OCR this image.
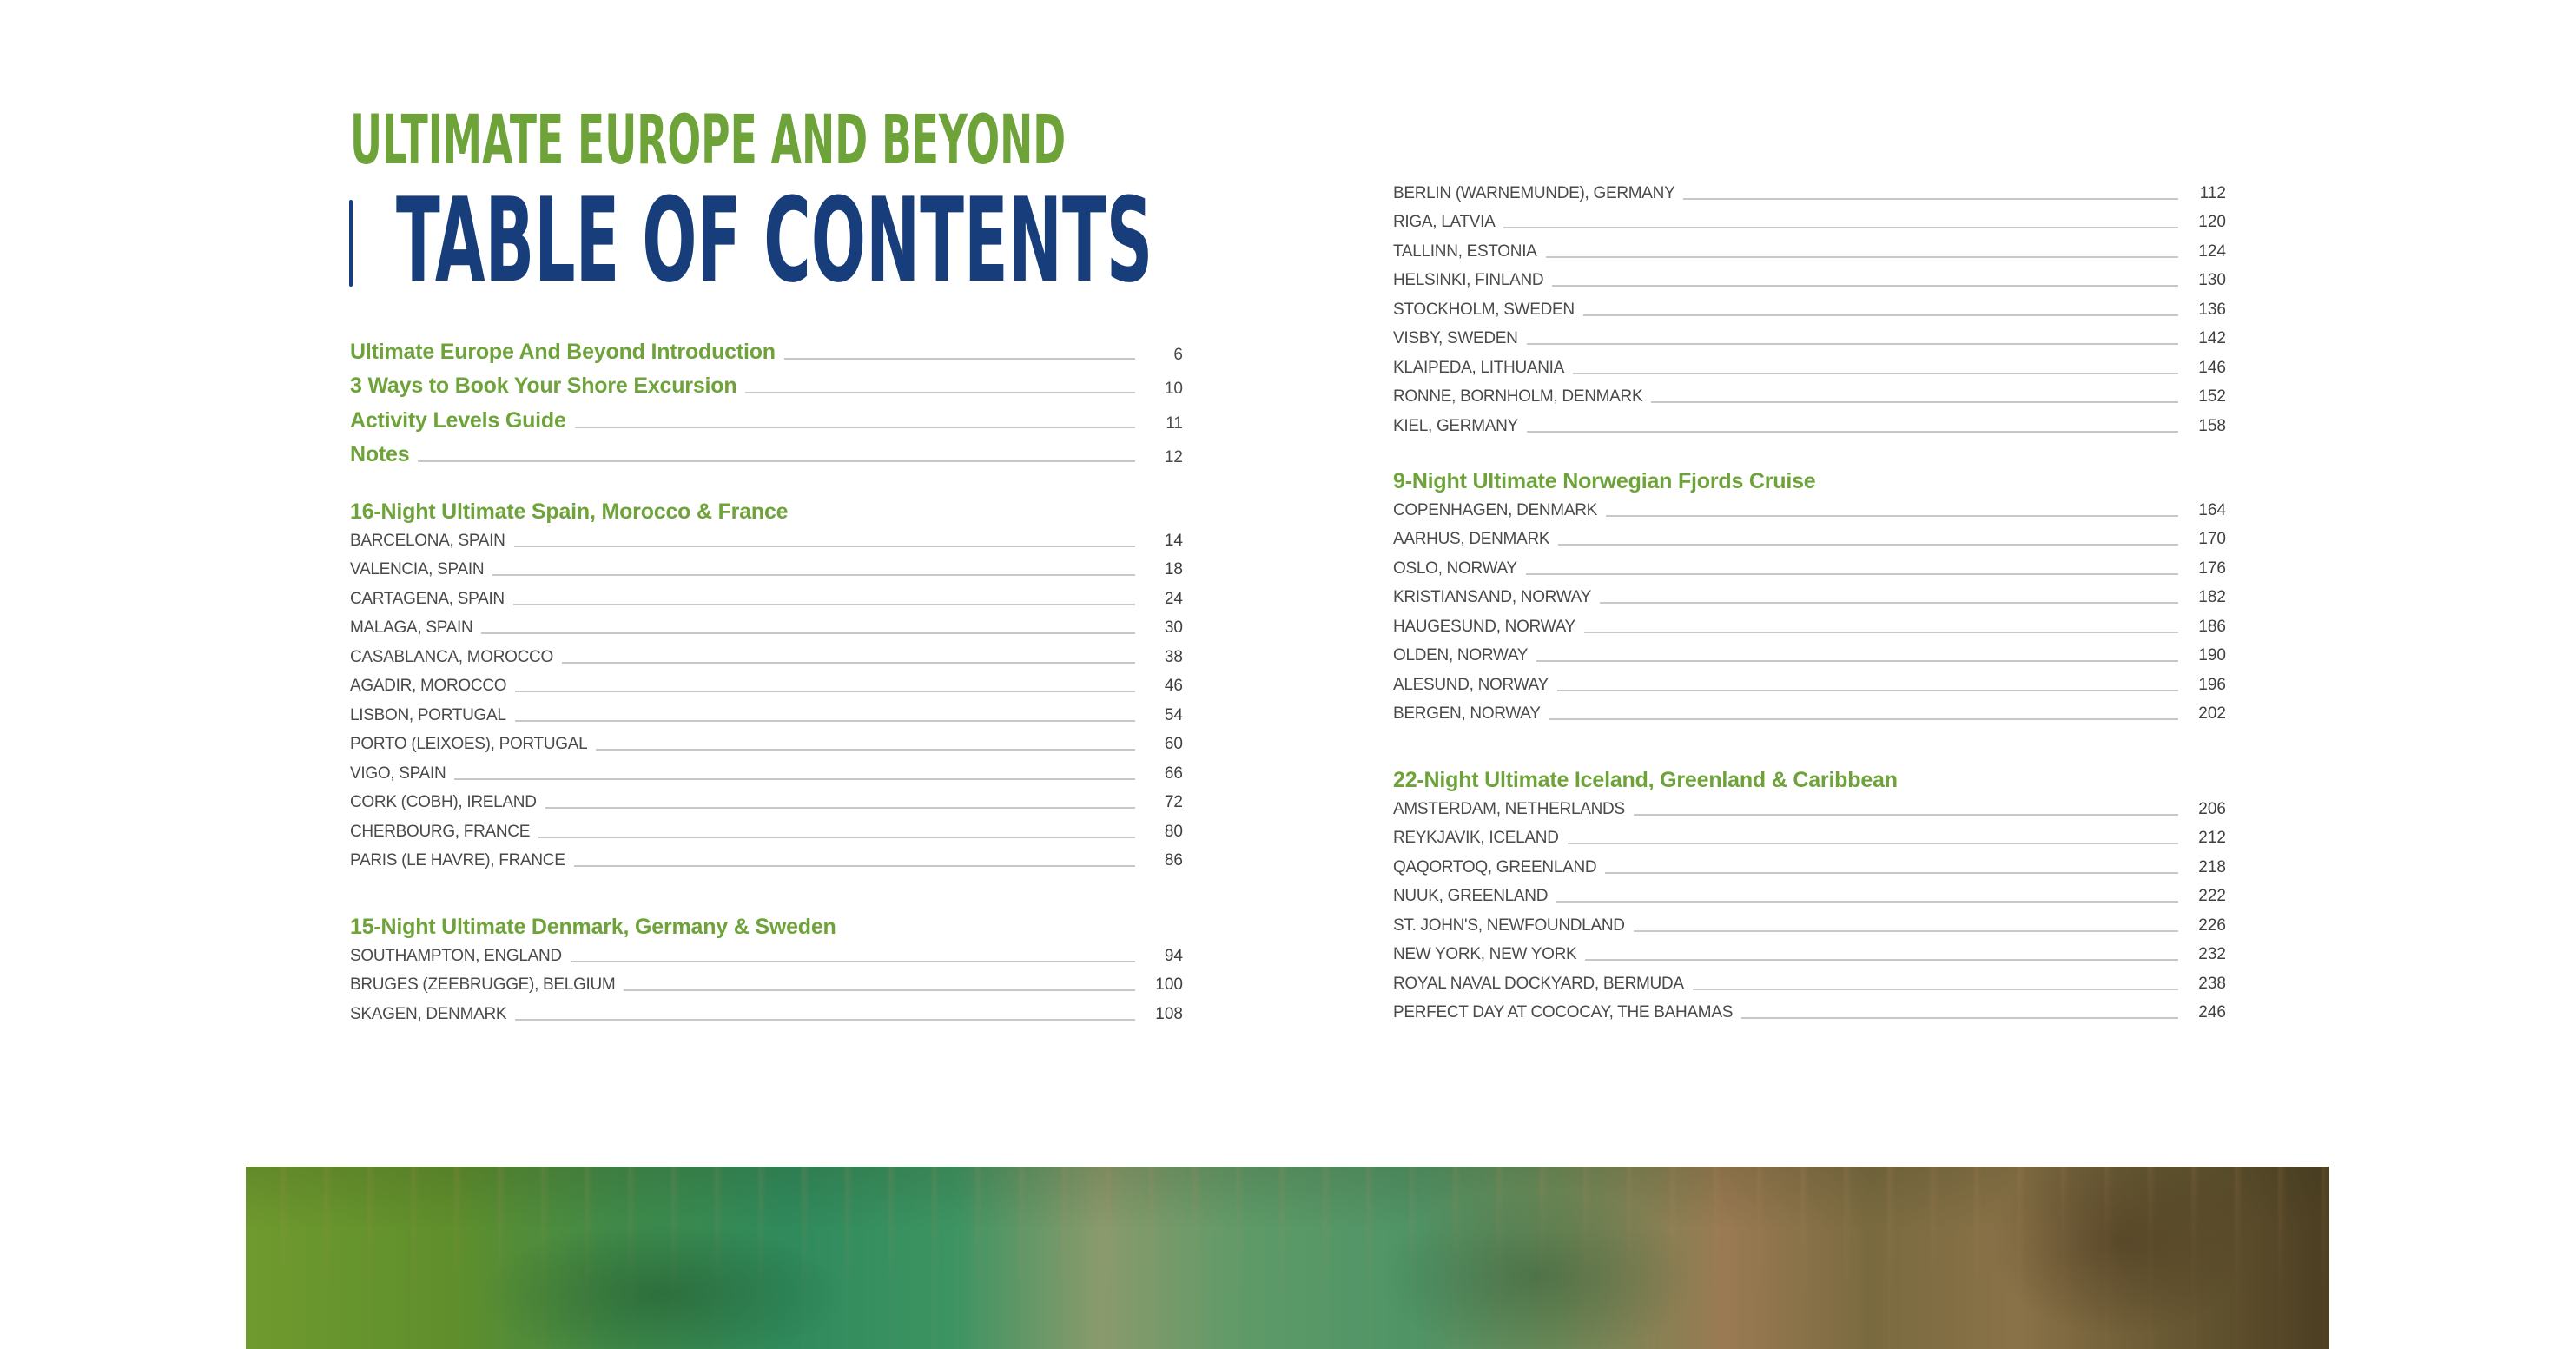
ULTIMATE EUROPE AND BEYOND
TABLE OF CONTENTS
Ultimate Europe And Beyond Introduction	6
3 Ways to Book Your Shore Excursion	10
Activity Levels Guide	11
Notes	12
16-Night Ultimate Spain, Morocco & France
BARCELONA, SPAIN	14
VALENCIA, SPAIN	18
CARTAGENA, SPAIN	24
MALAGA, SPAIN	30
CASABLANCA, MOROCCO	38
AGADIR, MOROCCO	46
LISBON, PORTUGAL	54
PORTO (LEIXOES), PORTUGAL	60
VIGO, SPAIN	66
CORK (COBH), IRELAND	72
CHERBOURG, FRANCE	80
PARIS (LE HAVRE), FRANCE	86
15-Night Ultimate Denmark, Germany & Sweden
SOUTHAMPTON, ENGLAND	94
BRUGES (ZEEBRUGGE), BELGIUM	100
SKAGEN, DENMARK	108
BERLIN (WARNEMUNDE), GERMANY	112
RIGA, LATVIA	120
TALLINN, ESTONIA	124
HELSINKI, FINLAND	130
STOCKHOLM, SWEDEN	136
VISBY, SWEDEN	142
KLAIPEDA, LITHUANIA	146
RONNE, BORNHOLM, DENMARK	152
KIEL, GERMANY	158
9-Night Ultimate Norwegian Fjords Cruise
COPENHAGEN, DENMARK	164
AARHUS, DENMARK	170
OSLO, NORWAY	176
KRISTIANSAND, NORWAY	182
HAUGESUND, NORWAY	186
OLDEN, NORWAY	190
ALESUND, NORWAY	196
BERGEN, NORWAY	202
22-Night Ultimate Iceland, Greenland & Caribbean
AMSTERDAM, NETHERLANDS	206
REYKJAVIK, ICELAND	212
QAQORTOQ, GREENLAND	218
NUUK, GREENLAND	222
ST. JOHN'S, NEWFOUNDLAND	226
NEW YORK, NEW YORK	232
ROYAL NAVAL DOCKYARD, BERMUDA	238
PERFECT DAY AT COCOCAY, THE BAHAMAS	246
